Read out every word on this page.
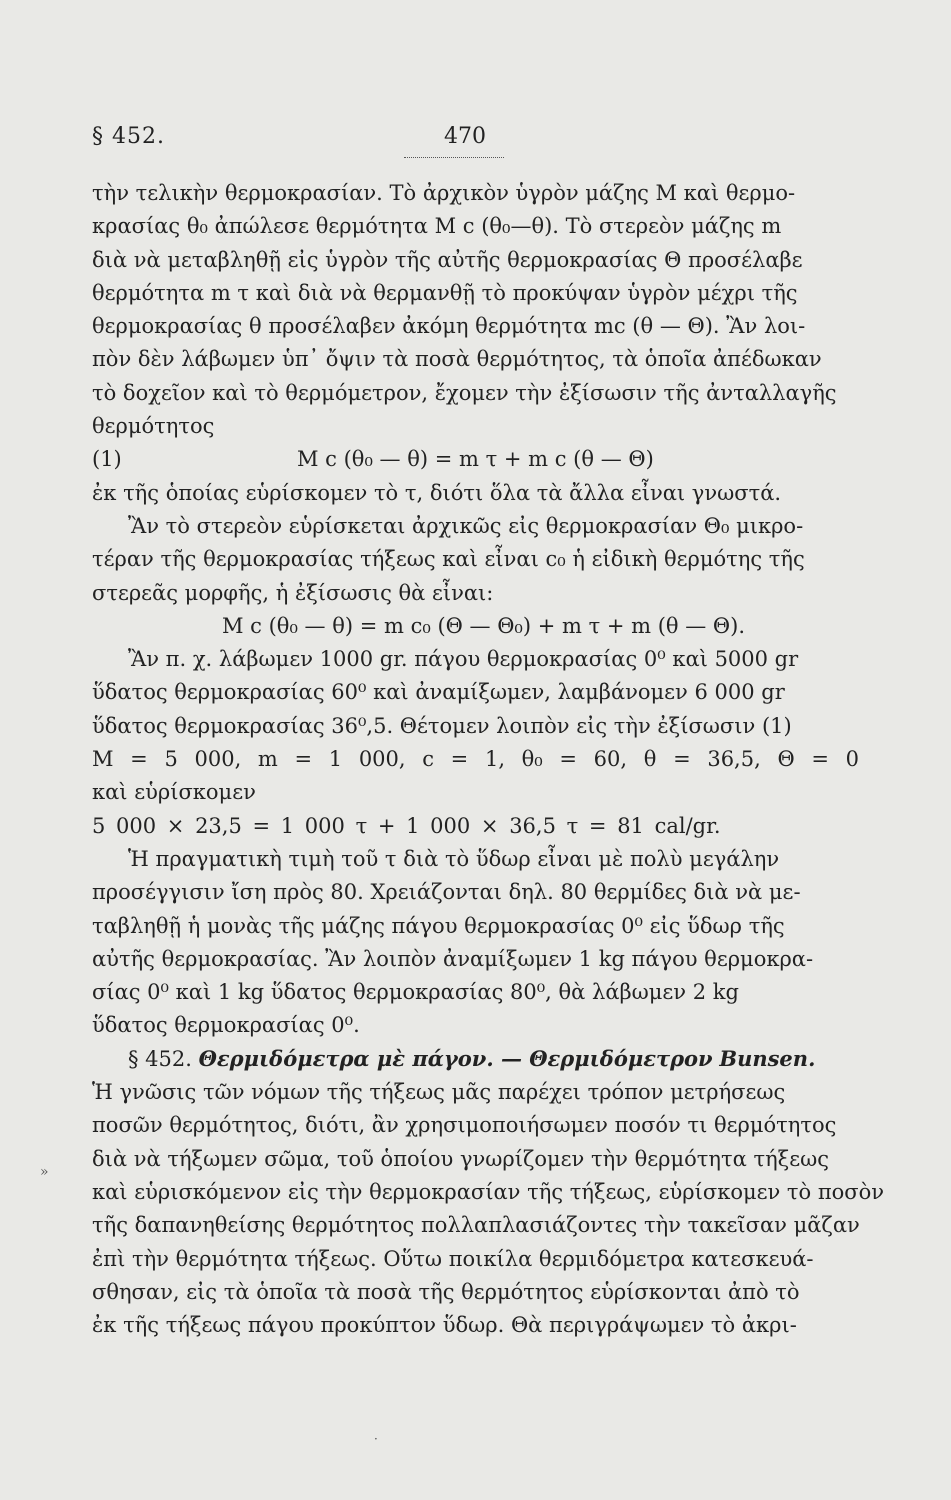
§ 452.	470
τὴν τελικὴν θερμοκρασίαν. Τὸ ἀρχικὸν ὑγρὸν μάζης M καὶ θερμο-
κρασίας θ₀ ἀπώλεσε θερμότητα M c (θ₀—θ). Τὸ στερεὸν μάζης m
διὰ νὰ μεταβληθῇ εἰς ὑγρὸν τῆς αὐτῆς θερμοκρασίας Θ προσέλαβε
θερμότητα m τ καὶ διὰ νὰ θερμανθῇ τὸ προκύψαν ὑγρὸν μέχρι τῆς
θερμοκρασίας θ προσέλαβεν ἀκόμη θερμότητα mc (θ — Θ). Ἂν λοι-
πὸν δὲν λάβωμεν ὑπ᾽ ὄψιν τὰ ποσὰ θερμότητος, τὰ ὁποῖα ἀπέδωκαν
τὸ δοχεῖον καὶ τὸ θερμόμετρον, ἔχομεν τὴν ἐξίσωσιν τῆς ἀνταλλαγῆς
θερμότητος
(1)	M c (θ₀ — θ) = m τ + m c (θ — Θ)

ἐκ τῆς ὁποίας εὑρίσκομεν τὸ τ, διότι ὅλα τὰ ἄλλα εἶναι γνωστά.
Ἂν τὸ στερεὸν εὑρίσκεται ἀρχικῶς εἰς θερμοκρασίαν Θ₀ μικρο-
τέραν τῆς θερμοκρασίας τήξεως καὶ εἶναι c₀ ἡ εἰδικὴ θερμότης τῆς
στερεᾶς μορφῆς, ἡ ἐξίσωσις θὰ εἶναι:
M c (θ₀ — θ) = m c₀ (Θ — Θ₀) + m τ + m (θ — Θ).
Ἂν π. χ. λάβωμεν 1000 gr. πάγου θερμοκρασίας 0⁰ καὶ 5000 gr
ὕδατος θερμοκρασίας 60⁰ καὶ ἀναμίξωμεν, λαμβάνομεν 6 000 gr
ὕδατος θερμοκρασίας 36⁰,5. Θέτομεν λοιπὸν εἰς τὴν ἐξίσωσιν (1)
M = 5 000, m = 1 000, c = 1, θ₀ = 60, θ = 36,5, Θ = 0
καὶ εὑρίσκομεν
5 000 × 23,5 = 1 000 τ + 1 000 × 36,5 τ = 81 cal/gr.
Ἡ πραγματικὴ τιμὴ τοῦ τ διὰ τὸ ὕδωρ εἶναι μὲ πολὺ μεγάλην
προσέγγισιν ἴση πρὸς 80. Χρειάζονται δηλ. 80 θερμίδες διὰ νὰ με-
ταβληθῇ ἡ μονὰς τῆς μάζης πάγου θερμοκρασίας 0⁰ εἰς ὕδωρ τῆς
αὐτῆς θερμοκρασίας. Ἂν λοιπὸν ἀναμίξωμεν 1 kg πάγου θερμοκρα-
σίας 0⁰ καὶ 1 kg ὕδατος θερμοκρασίας 80⁰, θὰ λάβωμεν 2 kg
ὕδατος θερμοκρασίας 0⁰.
§ 452. Θερμιδόμετρα μὲ πάγον. — Θερμιδόμετρον Bunsen.
Ἡ γνῶσις τῶν νόμων τῆς τήξεως μᾶς παρέχει τρόπον μετρήσεως
ποσῶν θερμότητος, διότι, ἂν χρησιμοποιήσωμεν ποσόν τι θερμότητος
διὰ νὰ τήξωμεν σῶμα, τοῦ ὁποίου γνωρίζομεν τὴν θερμότητα τήξεως
καὶ εὑρισκόμενον εἰς τὴν θερμοκρασίαν τῆς τήξεως, εὑρίσκομεν τὸ ποσὸν
τῆς δαπανηθείσης θερμότητος πολλαπλασιάζοντες τὴν τακεῖσαν μᾶζαν
ἐπὶ τὴν θερμότητα τήξεως. Οὕτω ποικίλα θερμιδόμετρα κατεσκευά-
σθησαν, εἰς τὰ ὁποῖα τὰ ποσὰ τῆς θερμότητος εὑρίσκονται ἀπὸ τὸ
ἐκ τῆς τήξεως πάγου προκύπτον ὕδωρ. Θὰ περιγράψωμεν τὸ ἀκρι-
»
·
